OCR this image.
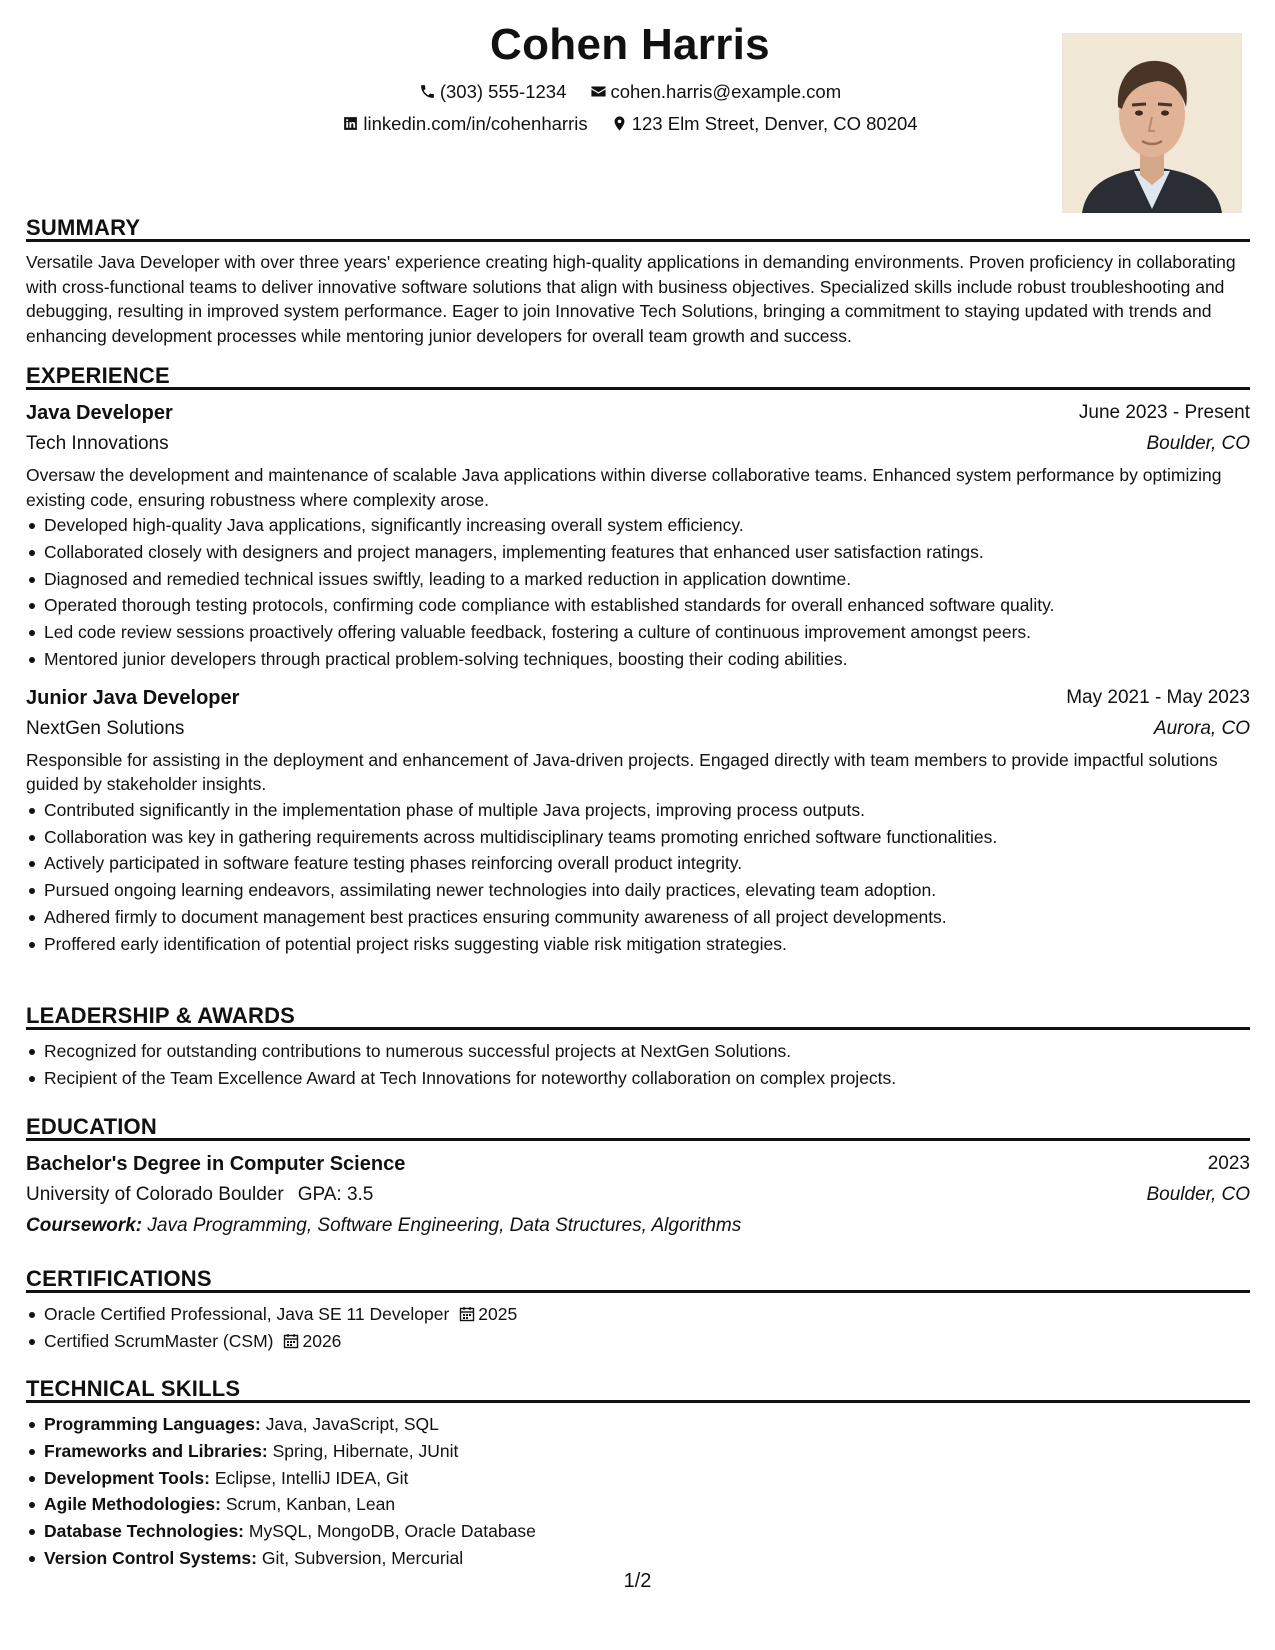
Cohen Harris
(303) 555-1234 cohen.harris@example.com
linkedin.com/in/cohenharris 123 Elm Street, Denver, CO 80204
SUMMARY
Versatile Java Developer with over three years' experience creating high-quality applications in demanding environments. Proven proficiency in collaborating with cross-functional teams to deliver innovative software solutions that align with business objectives. Specialized skills include robust troubleshooting and debugging, resulting in improved system performance. Eager to join Innovative Tech Solutions, bringing a commitment to staying updated with trends and enhancing development processes while mentoring junior developers for overall team growth and success.
EXPERIENCE
Java Developer	June 2023 - Present
Tech Innovations	Boulder, CO
Oversaw the development and maintenance of scalable Java applications within diverse collaborative teams. Enhanced system performance by optimizing existing code, ensuring robustness where complexity arose.
Developed high-quality Java applications, significantly increasing overall system efficiency.
Collaborated closely with designers and project managers, implementing features that enhanced user satisfaction ratings.
Diagnosed and remedied technical issues swiftly, leading to a marked reduction in application downtime.
Operated thorough testing protocols, confirming code compliance with established standards for overall enhanced software quality.
Led code review sessions proactively offering valuable feedback, fostering a culture of continuous improvement amongst peers.
Mentored junior developers through practical problem-solving techniques, boosting their coding abilities.
Junior Java Developer	May 2021 - May 2023
NextGen Solutions	Aurora, CO
Responsible for assisting in the deployment and enhancement of Java-driven projects. Engaged directly with team members to provide impactful solutions guided by stakeholder insights.
Contributed significantly in the implementation phase of multiple Java projects, improving process outputs.
Collaboration was key in gathering requirements across multidisciplinary teams promoting enriched software functionalities.
Actively participated in software feature testing phases reinforcing overall product integrity.
Pursued ongoing learning endeavors, assimilating newer technologies into daily practices, elevating team adoption.
Adhered firmly to document management best practices ensuring community awareness of all project developments.
Proffered early identification of potential project risks suggesting viable risk mitigation strategies.
LEADERSHIP & AWARDS
Recognized for outstanding contributions to numerous successful projects at NextGen Solutions.
Recipient of the Team Excellence Award at Tech Innovations for noteworthy collaboration on complex projects.
EDUCATION
Bachelor's Degree in Computer Science	2023
University of Colorado Boulder GPA: 3.5	Boulder, CO
Coursework: Java Programming, Software Engineering, Data Structures, Algorithms
CERTIFICATIONS
Oracle Certified Professional, Java SE 11 Developer 2025
Certified ScrumMaster (CSM) 2026
TECHNICAL SKILLS
Programming Languages: Java, JavaScript, SQL
Frameworks and Libraries: Spring, Hibernate, JUnit
Development Tools: Eclipse, IntelliJ IDEA, Git
Agile Methodologies: Scrum, Kanban, Lean
Database Technologies: MySQL, MongoDB, Oracle Database
Version Control Systems: Git, Subversion, Mercurial
1/2
